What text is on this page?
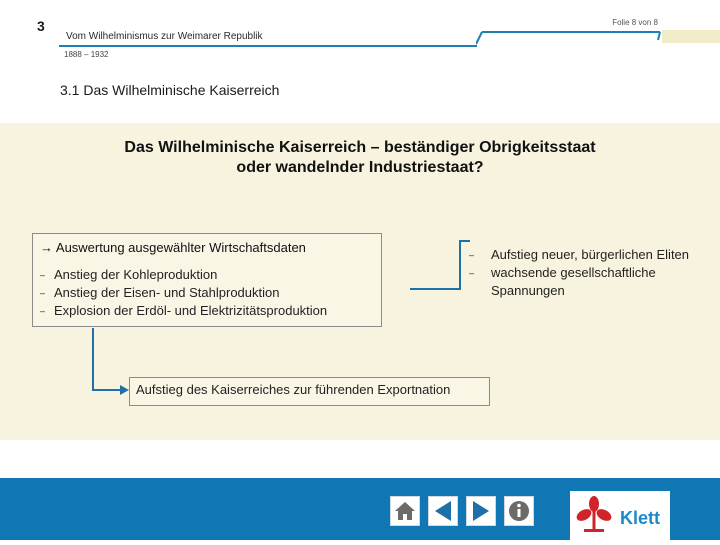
3	Folie 8 von 8
Vom Wilhelminismus zur Weimarer Republik
1888 – 1932
3.1 Das Wilhelminische Kaiserreich
Das Wilhelminische Kaiserreich – beständiger Obrigkeitsstaat
oder wandelnder Industriestaat?
→ Auswertung ausgewählter Wirtschaftsdaten
– Anstieg der Kohleproduktion
– Anstieg der Eisen- und Stahlproduktion
– Explosion der Erdöl- und Elektrizitätsproduktion
– Aufstieg neuer, bürgerlichen Eliten
– wachsende gesellschaftliche Spannungen
Aufstieg des Kaiserreiches zur führenden Exportnation
Klett
